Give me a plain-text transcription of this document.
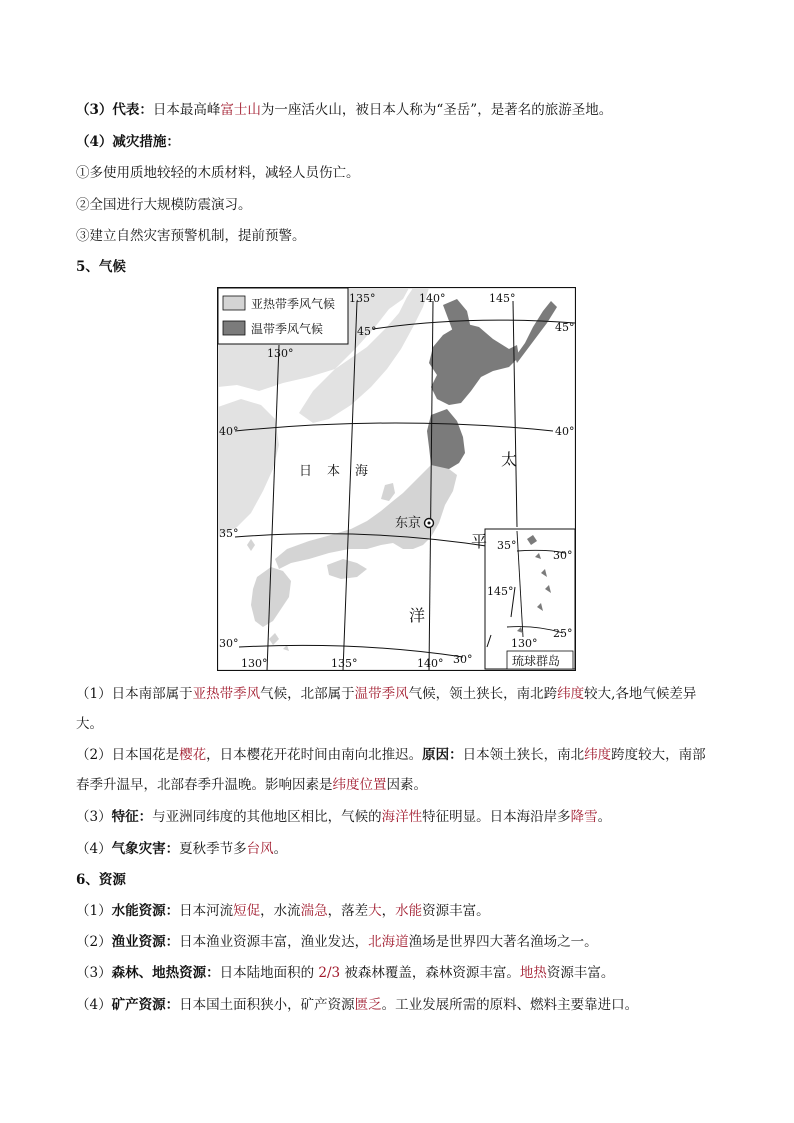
（3）代表：日本最高峰富士山为一座活火山，被日本人称为“圣岳”，是著名的旅游圣地。
（4）减灾措施：
①多使用质地较轻的木质材料，减轻人员伤亡。
②全国进行大规模防震演习。
③建立自然灾害预警机制，提前预警。
5、气候
亚热带季风气候
温带季风气候
东京
日 本 海
太
平
洋
琉球群岛
135°	140°	145°
130°
45°	45°
40°	40°
35°
35°
30°
30°
130°	135°	140°
145°
130°
30°
25°
（1）日本南部属于亚热带季风气候，北部属于温带季风气候，领土狭长，南北跨纬度较大,各地气候差异
大。
（2）日本国花是樱花，日本樱花开花时间由南向北推迟。原因：日本领土狭长，南北纬度跨度较大，南部
春季升温早，北部春季升温晚。影响因素是纬度位置因素。
（3）特征：与亚洲同纬度的其他地区相比，气候的海洋性特征明显。日本海沿岸多降雪。
（4）气象灾害：夏秋季节多台风。
6、资源
（1）水能资源：日本河流短促，水流湍急，落差大，水能资源丰富。
（2）渔业资源：日本渔业资源丰富，渔业发达，北海道渔场是世界四大著名渔场之一。
（3）森林、地热资源：日本陆地面积的 2/3 被森林覆盖，森林资源丰富。地热资源丰富。
（4）矿产资源：日本国土面积狭小，矿产资源匮乏。工业发展所需的原料、燃料主要靠进口。
